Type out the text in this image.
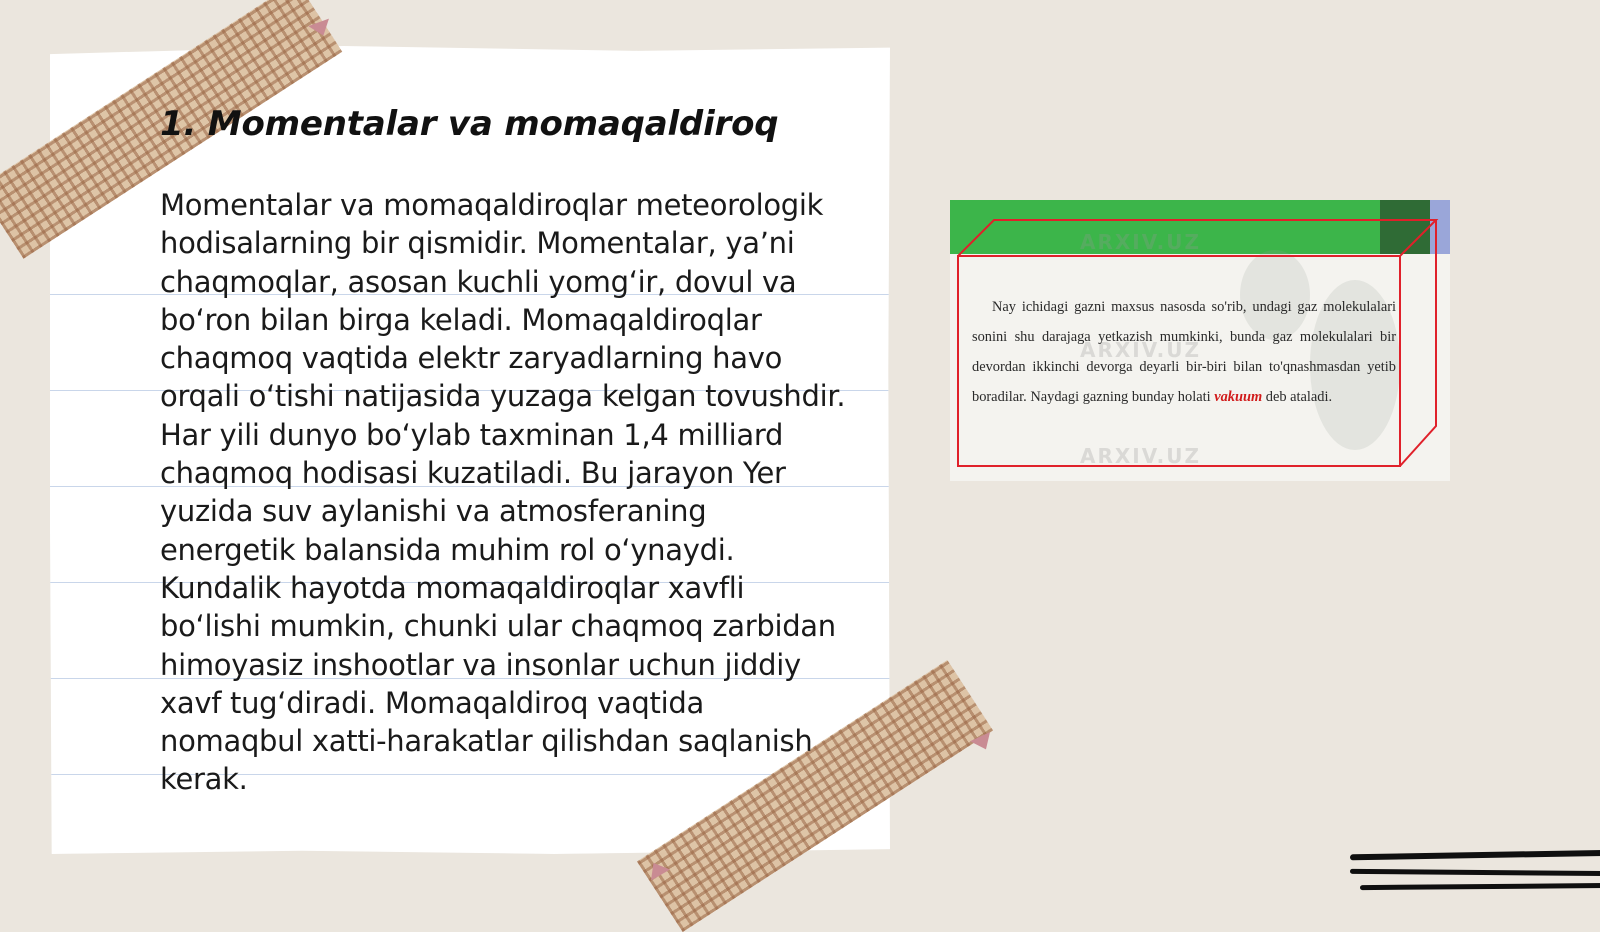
1. Momentalar va momaqaldiroq

Momentalar va momaqaldiroqlar meteorologik hodisalarning bir qismidir. Momentalar, ya’ni chaqmoqlar, asosan kuchli yomg‘ir, dovul va bo‘ron bilan birga keladi. Momaqaldiroqlar chaqmoq vaqtida elektr zaryadlarning havo orqali o‘tishi natijasida yuzaga kelgan tovushdir. Har yili dunyo bo‘ylab taxminan 1,4 milliard chaqmoq hodisasi kuzatiladi. Bu jarayon Yer yuzida suv aylanishi va atmosferaning energetik balansida muhim rol o‘ynaydi. Kundalik hayotda momaqaldiroqlar xavfli bo‘lishi mumkin, chunki ular chaqmoq zarbidan himoyasiz inshootlar va insonlar uchun jiddiy xavf tug‘diradi. Momaqaldiroq vaqtida nomaqbul xatti-harakatlar qilishdan saqlanish kerak.

ARXIV.UZ
ARXIV.UZ
ARXIV.UZ

Nay ichidagi gazni maxsus nasosda so'rib, undagi gaz molekulalari sonini shu darajaga yetkazish mumkinki, bunda gaz molekulalari bir devordan ikkinchi devorga deyarli bir-biri bilan to'qnashmasdan yetib boradilar. Naydagi gazning bunday holati vakuum deb ataladi.
